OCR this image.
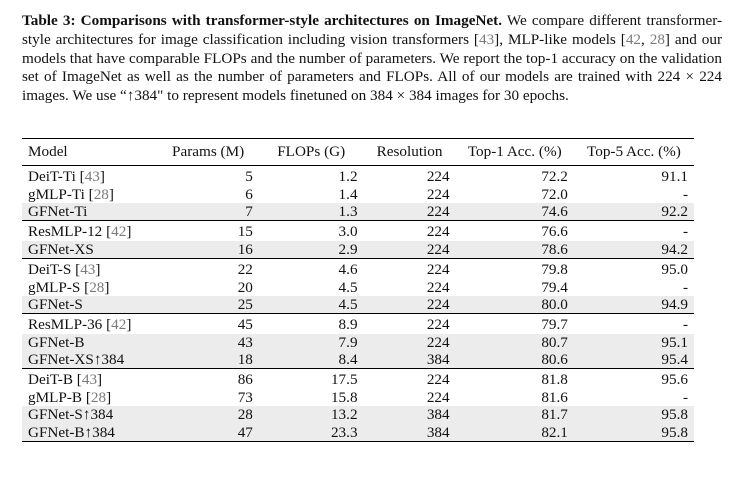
Table 3: Comparisons with transformer-style architectures on ImageNet. We compare different transformer-style architectures for image classification including vision transformers [43], MLP-like models [42, 28] and our models that have comparable FLOPs and the number of parameters. We report the top-1 accuracy on the validation set of ImageNet as well as the number of parameters and FLOPs. All of our models are trained with 224 × 224 images. We use “↑384" to represent models finetuned on 384 × 384 images for 30 epochs.
Model	Params (M)	FLOPs (G)	Resolution	Top-1 Acc. (%)	Top-5 Acc. (%)
DeiT-Ti [43]	5	1.2	224	72.2	91.1
gMLP-Ti [28]	6	1.4	224	72.0	-
GFNet-Ti	7	1.3	224	74.6	92.2
ResMLP-12 [42]	15	3.0	224	76.6	-
GFNet-XS	16	2.9	224	78.6	94.2
DeiT-S [43]	22	4.6	224	79.8	95.0
gMLP-S [28]	20	4.5	224	79.4	-
GFNet-S	25	4.5	224	80.0	94.9
ResMLP-36 [42]	45	8.9	224	79.7	-
GFNet-B	43	7.9	224	80.7	95.1
GFNet-XS↑384	18	8.4	384	80.6	95.4
DeiT-B [43]	86	17.5	224	81.8	95.6
gMLP-B [28]	73	15.8	224	81.6	-
GFNet-S↑384	28	13.2	384	81.7	95.8
GFNet-B↑384	47	23.3	384	82.1	95.8
